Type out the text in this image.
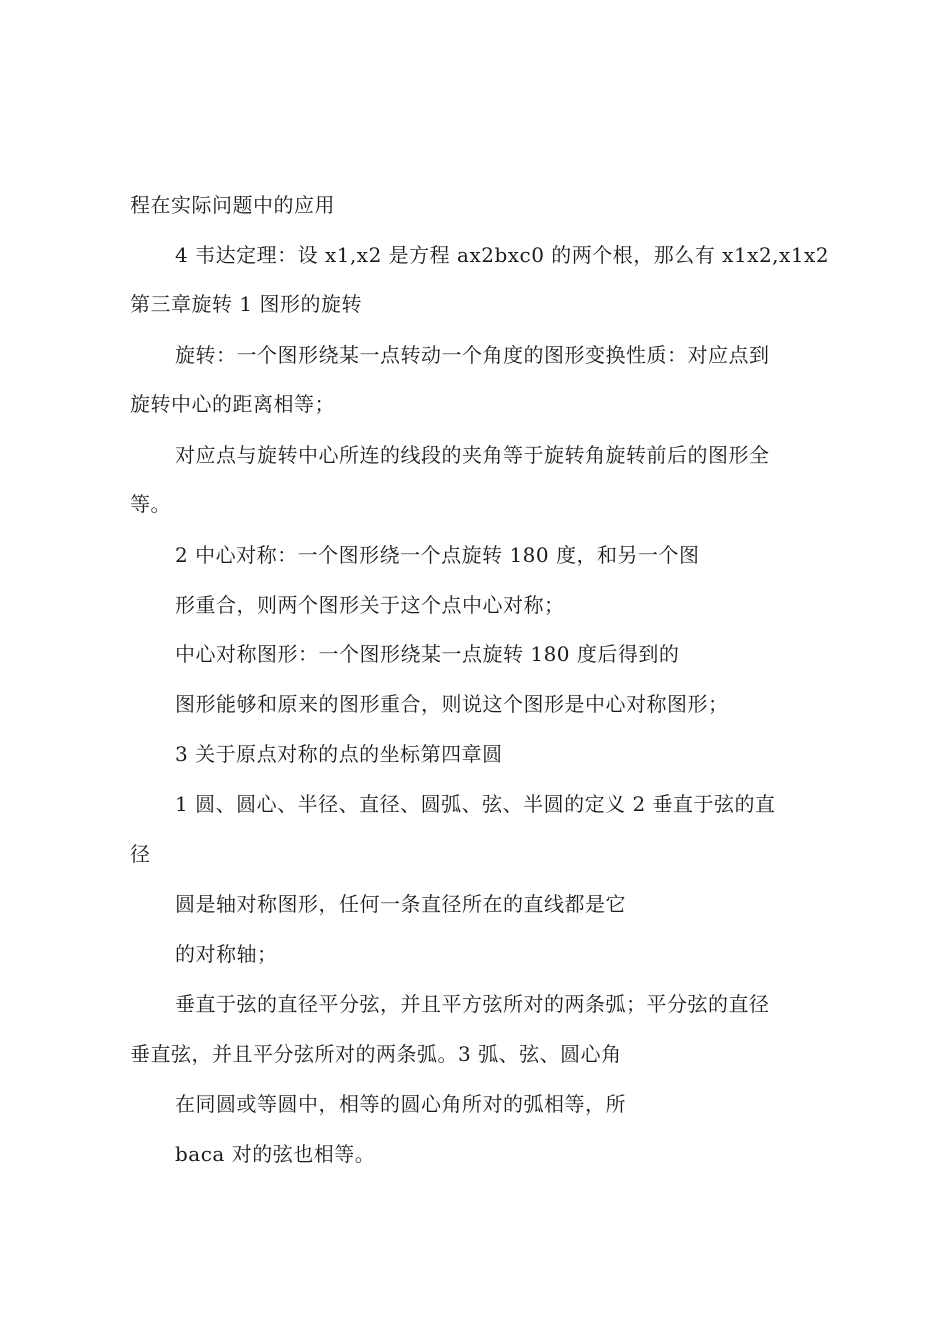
程在实际问题中的应用
4 韦达定理：设 x1,x2 是方程 ax2bxc0 的两个根，那么有 x1x2,x1x2
第三章旋转 1 图形的旋转
旋转：一个图形绕某一点转动一个角度的图形变换性质：对应点到
旋转中心的距离相等；
对应点与旋转中心所连的线段的夹角等于旋转角旋转前后的图形全
等。
2 中心对称：一个图形绕一个点旋转 180 度，和另一个图
形重合，则两个图形关于这个点中心对称；
中心对称图形：一个图形绕某一点旋转 180 度后得到的
图形能够和原来的图形重合，则说这个图形是中心对称图形；
3 关于原点对称的点的坐标第四章圆
1 圆、圆心、半径、直径、圆弧、弦、半圆的定义 2 垂直于弦的直
径
圆是轴对称图形，任何一条直径所在的直线都是它
的对称轴；
垂直于弦的直径平分弦，并且平方弦所对的两条弧；平分弦的直径
垂直弦，并且平分弦所对的两条弧。3 弧、弦、圆心角
在同圆或等圆中，相等的圆心角所对的弧相等，所
baca 对的弦也相等。
